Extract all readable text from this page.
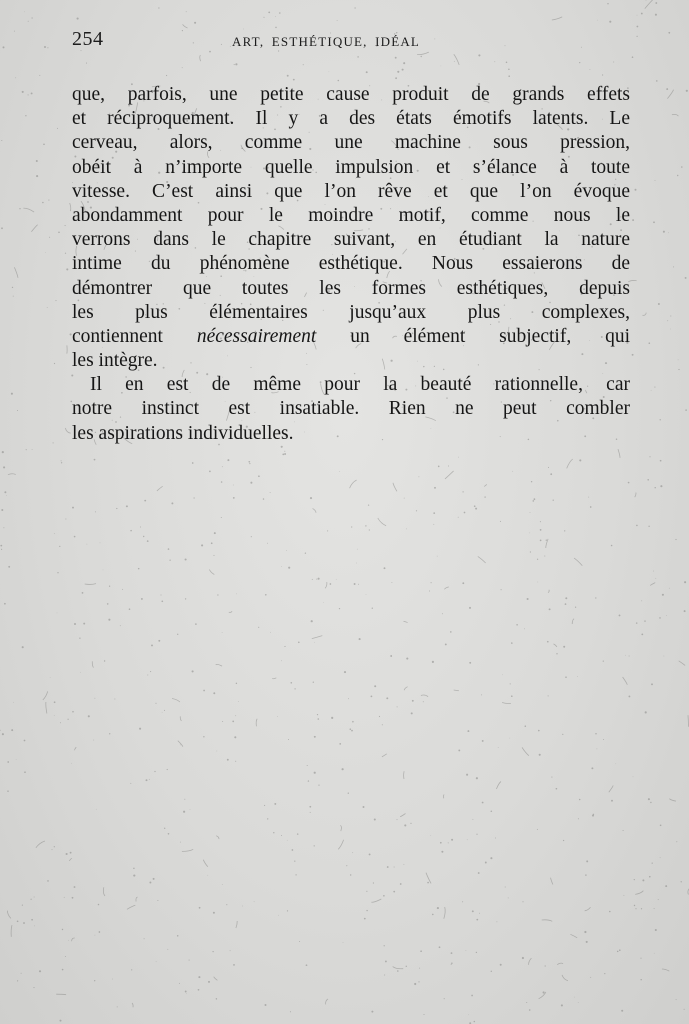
254	ART, ESTHÉTIQUE, IDÉAL
que, parfois, une petite cause produit de grands effets
et réciproquement. Il y a des états émotifs latents. Le
cerveau, alors, comme une machine sous pression,
obéit à n’importe quelle impulsion et s’élance à toute
vitesse. C’est ainsi que l’on rêve et que l’on évoque
abondamment pour le moindre motif, comme nous le
verrons dans le chapitre suivant, en étudiant la nature
intime du phénomène esthétique. Nous essaierons de
démontrer que toutes les formes esthétiques, depuis
les plus élémentaires jusqu’aux plus complexes,
contiennent nécessairement un élément subjectif, qui
les intègre.
Il en est de même pour la beauté rationnelle, car
notre instinct est insatiable. Rien ne peut combler
les aspirations individuelles.
